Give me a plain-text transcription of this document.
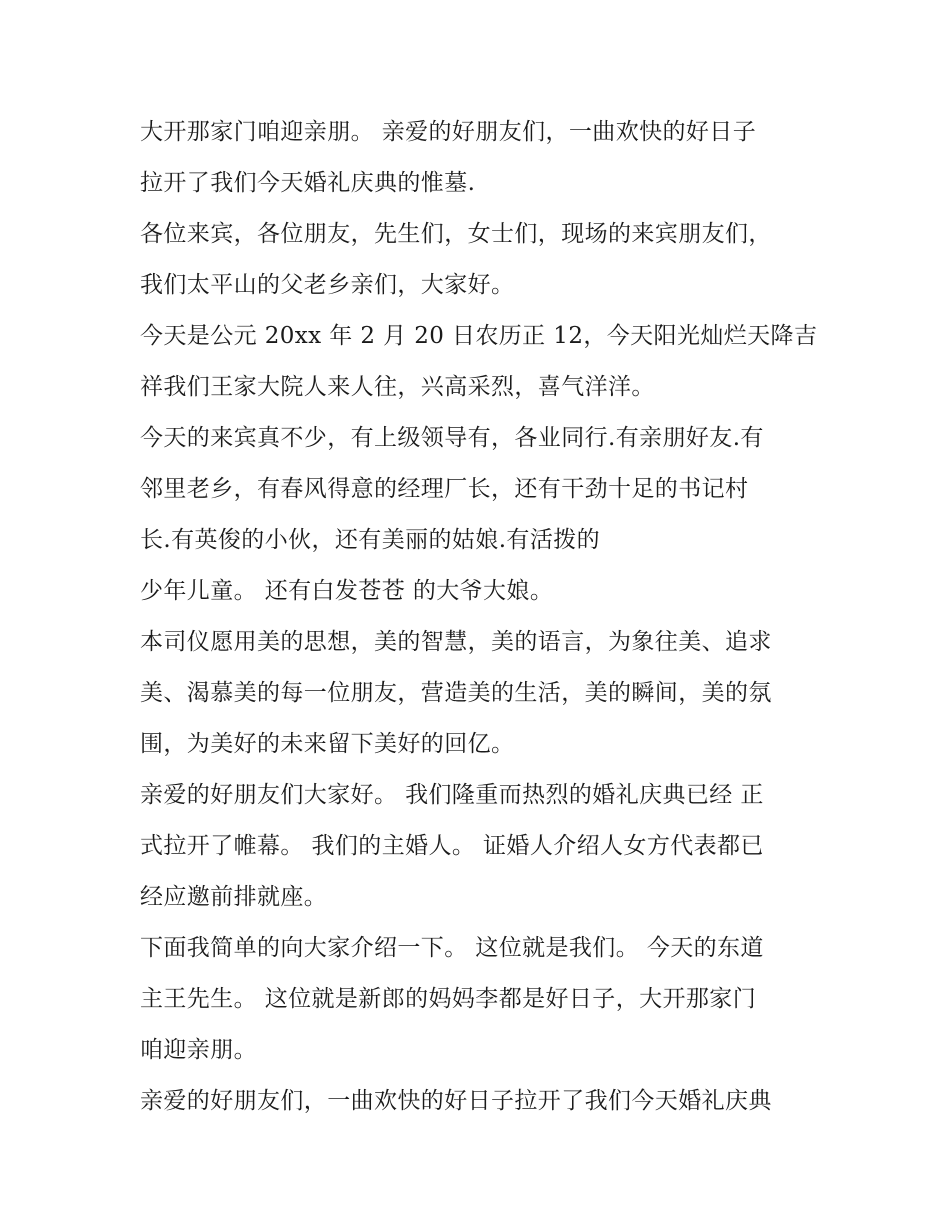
大开那家门咱迎亲朋。 亲爱的好朋友们，一曲欢快的好日子
拉开了我们今天婚礼庆典的惟墓.
各位来宾，各位朋友，先生们，女士们，现场的来宾朋友们，
我们太平山的父老乡亲们，大家好。
今天是公元 20xx 年 2 月 20 日农历正 12，今天阳光灿烂天降吉
祥我们王家大院人来人往，兴高采烈，喜气洋洋。
今天的来宾真不少，有上级领导有，各业同行.有亲朋好友.有
邻里老乡，有春风得意的经理厂长，还有干劲十足的书记村
长.有英俊的小伙，还有美丽的姑娘.有活拨的
少年儿童。 还有白发苍苍 的大爷大娘。
本司仪愿用美的思想，美的智慧，美的语言，为象往美、追求
美、渴慕美的每一位朋友，营造美的生活，美的瞬间，美的氛
围，为美好的未来留下美好的回亿。
亲爱的好朋友们大家好。 我们隆重而热烈的婚礼庆典已经 正
式拉开了帷幕。 我们的主婚人。 证婚人介绍人女方代表都已
经应邀前排就座。
下面我简单的向大家介绍一下。 这位就是我们。 今天的东道
主王先生。 这位就是新郎的妈妈李都是好日子，大开那家门
咱迎亲朋。
亲爱的好朋友们，一曲欢快的好日子拉开了我们今天婚礼庆典
